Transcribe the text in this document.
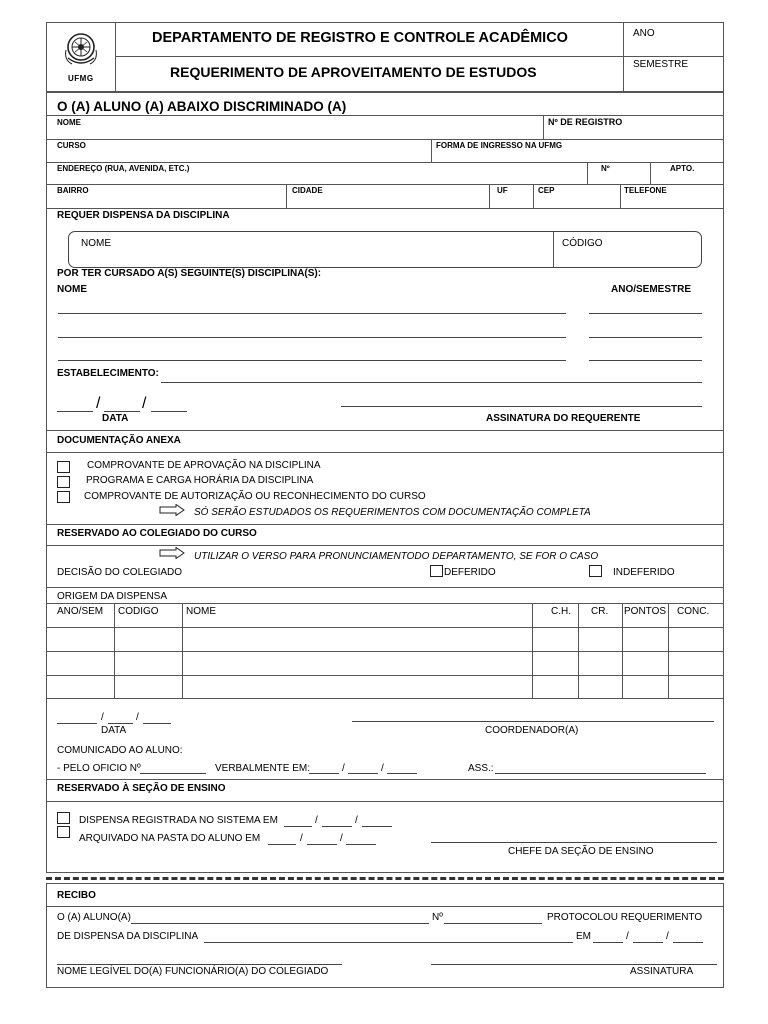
UFMG
DEPARTAMENTO DE REGISTRO E CONTROLE ACADÊMICO
REQUERIMENTO DE APROVEITAMENTO DE ESTUDOS
ANO
SEMESTRE
O (A) ALUNO (A) ABAIXO DISCRIMINADO (A)
NOME	Nº DE REGISTRO
CURSO	FORMA DE INGRESSO NA UFMG
ENDEREÇO (RUA, AVENIDA, ETC.)	Nº	APTO.
BAIRRO	CIDADE	UF	CEP	TELEFONE
REQUER DISPENSA DA DISCIPLINA
NOME	CÓDIGO
POR TER CURSADO A(S) SEGUINTE(S) DISCIPLINA(S):
NOME	ANO/SEMESTRE
ESTABELECIMENTO:
/	/
DATA	ASSINATURA DO REQUERENTE
DOCUMENTAÇÃO ANEXA
COMPROVANTE DE APROVAÇÃO NA DISCIPLINA
PROGRAMA E CARGA HORÁRIA DA DISCIPLINA
COMPROVANTE DE AUTORIZAÇÃO OU RECONHECIMENTO DO CURSO
SÓ SERÃO ESTUDADOS OS REQUERIMENTOS COM DOCUMENTAÇÃO COMPLETA
RESERVADO AO COLEGIADO DO CURSO
UTILIZAR O VERSO PARA PRONUNCIAMENTODO DEPARTAMENTO, SE FOR O CASO
DECISÃO DO COLEGIADO	DEFERIDO	INDEFERIDO
ORIGEM DA DISPENSA
ANO/SEM CODIGO	NOME	C.H. CR. PONTOS CONC.
/	/
DATA	COORDENADOR(A)
COMUNICADO AO ALUNO:
- PELO OFICIO Nº	VERBALMENTE EM:	/	/	ASS.:
RESERVADO À SEÇÃO DE ENSINO
DISPENSA REGISTRADA NO SISTEMA EM	/	/
ARQUIVADO NA PASTA DO ALUNO EM	/	/
CHEFE DA SEÇÃO DE ENSINO
RECIBO
O (A) ALUNO(A)	Nº	PROTOCOLOU REQUERIMENTO
DE DISPENSA DA DISCIPLINA	EM	/	/
NOME LEGÍVEL DO(A) FUNCIONÁRIO(A) DO COLEGIADO	ASSINATURA
